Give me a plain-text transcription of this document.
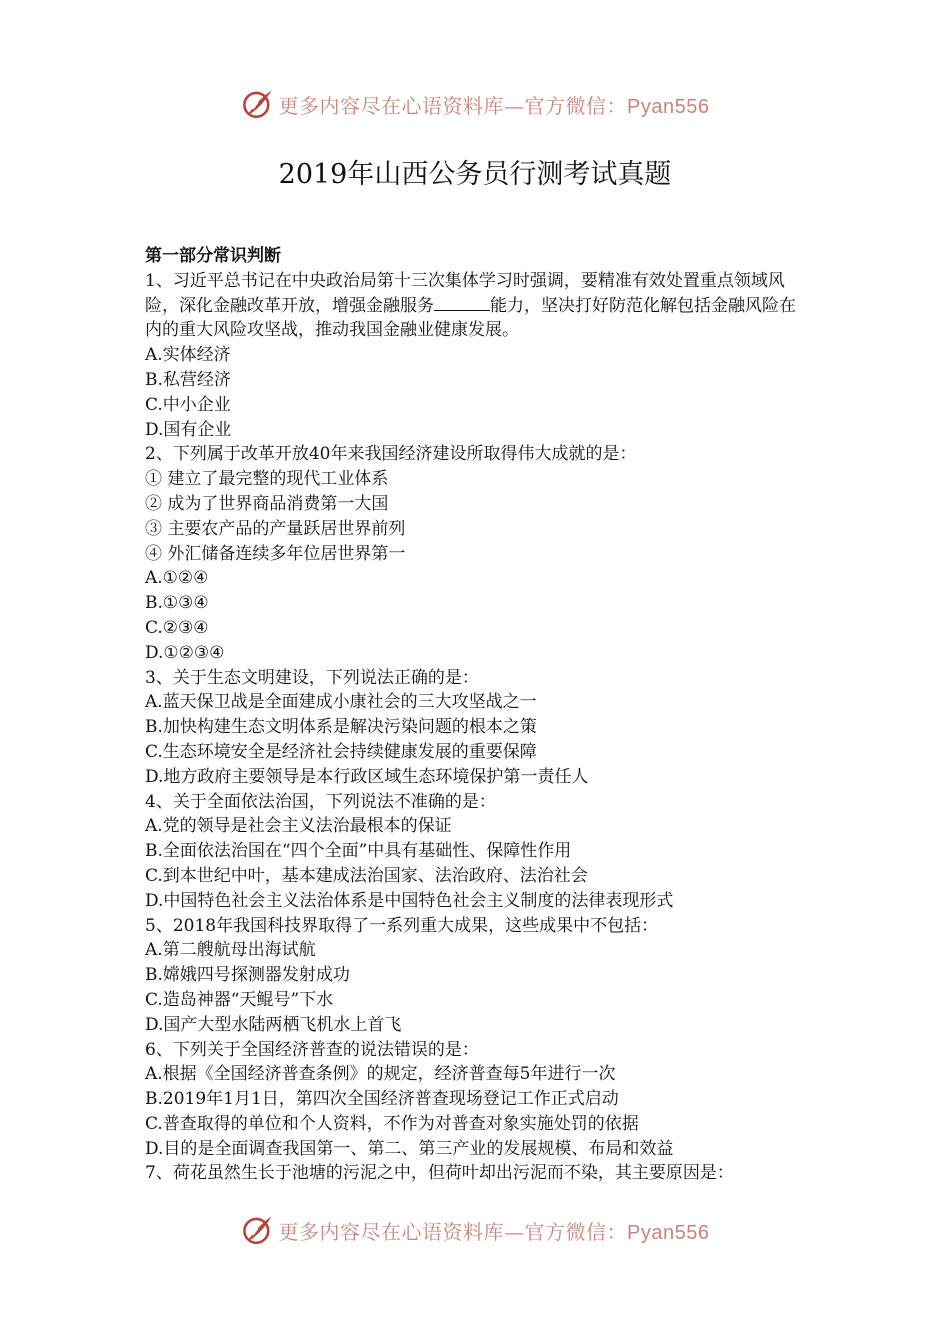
更多内容尽在心语资料库—官方微信：Pyan556
2019年山西公务员行测考试真题
第一部分常识判断
1、习近平总书记在中央政治局第十三次集体学习时强调，要精准有效处置重点领域风险，深化金融改革开放，增强金融服务	能力，坚决打好防范化解包括金融风险在内的重大风险攻坚战，推动我国金融业健康发展。
A.实体经济
B.私营经济
C.中小企业
D.国有企业
2、下列属于改革开放40年来我国经济建设所取得伟大成就的是：
① 建立了最完整的现代工业体系
② 成为了世界商品消费第一大国
③ 主要农产品的产量跃居世界前列
④ 外汇储备连续多年位居世界第一
A.①②④
B.①③④
C.②③④
D.①②③④
3、关于生态文明建设，下列说法正确的是：
A.蓝天保卫战是全面建成小康社会的三大攻坚战之一
B.加快构建生态文明体系是解决污染问题的根本之策
C.生态环境安全是经济社会持续健康发展的重要保障
D.地方政府主要领导是本行政区域生态环境保护第一责任人
4、关于全面依法治国，下列说法不准确的是：
A.党的领导是社会主义法治最根本的保证
B.全面依法治国在“四个全面”中具有基础性、保障性作用
C.到本世纪中叶，基本建成法治国家、法治政府、法治社会
D.中国特色社会主义法治体系是中国特色社会主义制度的法律表现形式
5、2018年我国科技界取得了一系列重大成果，这些成果中不包括：
A.第二艘航母出海试航
B.嫦娥四号探测器发射成功
C.造岛神器“天鲲号”下水
D.国产大型水陆两栖飞机水上首飞
6、下列关于全国经济普查的说法错误的是：
A.根据《全国经济普查条例》的规定，经济普查每5年进行一次
B.2019年1月1日，第四次全国经济普查现场登记工作正式启动
C.普查取得的单位和个人资料，不作为对普查对象实施处罚的依据
D.目的是全面调查我国第一、第二、第三产业的发展规模、布局和效益
7、荷花虽然生长于池塘的污泥之中，但荷叶却出污泥而不染，其主要原因是：
更多内容尽在心语资料库—官方微信：Pyan556
